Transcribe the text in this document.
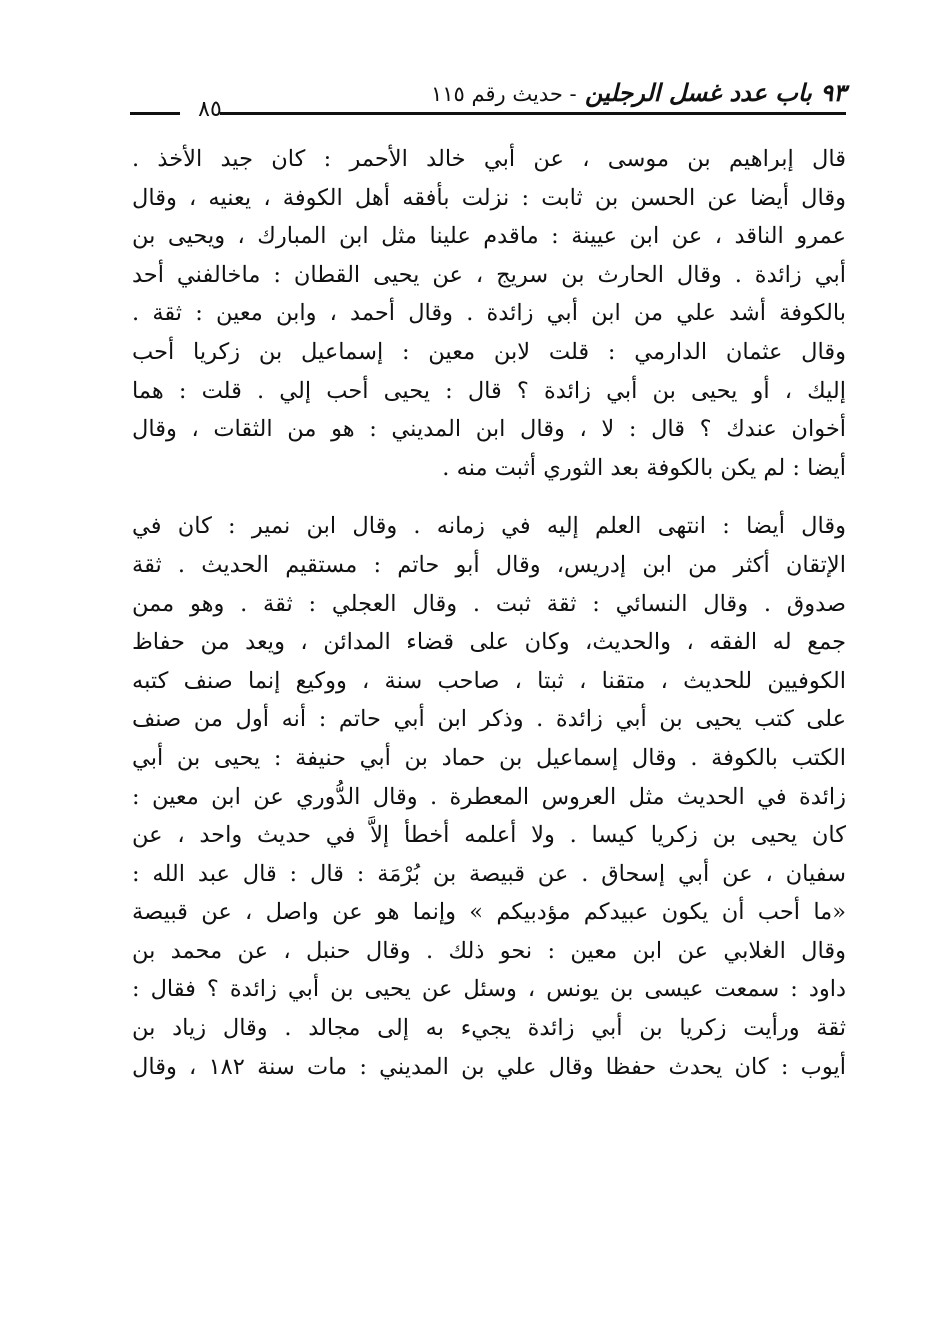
٩٣ باب عدد غسل الرجلين - حديث رقم ١١٥
٨٥
قال إبراهيم بن موسى ، عن أبي خالد الأحمر : كان جيد الأخذ .
وقال أيضا عن الحسن بن ثابت : نزلت بأفقه أهل الكوفة ، يعنيه ، وقال
عمرو الناقد ، عن ابن عيينة : ماقدم علينا مثل ابن المبارك ، ويحيى بن
أبي زائدة . وقال الحارث بن سريج ، عن يحيى القطان : ماخالفني أحد
بالكوفة أشد علي من ابن أبي زائدة . وقال أحمد ، وابن معين : ثقة .
وقال عثمان الدارمي : قلت لابن معين : إسماعيل بن زكريا أحب
إليك ، أو يحيى بن أبي زائدة ؟ قال : يحيى أحب إلي . قلت : هما
أخوان عندك ؟ قال : لا ، وقال ابن المديني : هو من الثقات ، وقال
أيضا : لم يكن بالكوفة بعد الثوري أثبت منه .
وقال أيضا : انتهى العلم إليه في زمانه . وقال ابن نمير : كان في
الإتقان أكثر من ابن إدريس، وقال أبو حاتم : مستقيم الحديث . ثقة
صدوق . وقال النسائي : ثقة ثبت . وقال العجلي : ثقة . وهو ممن
جمع له الفقه ، والحديث، وكان على قضاء المدائن ، ويعد من حفاظ
الكوفيين للحديث ، متقنا ، ثبتا ، صاحب سنة ، ووكيع إنما صنف كتبه
على كتب يحيى بن أبي زائدة . وذكر ابن أبي حاتم : أنه أول من صنف
الكتب بالكوفة . وقال إسماعيل بن حماد بن أبي حنيفة : يحيى بن أبي
زائدة في الحديث مثل العروس المعطرة . وقال الدُّوري عن ابن معين :
كان يحيى بن زكريا كيسا . ولا أعلمه أخطأ إلاَّ في حديث واحد ، عن
سفيان ، عن أبي إسحاق . عن قبيصة بن بُرْمَة : قال : قال عبد الله :
«ما أحب أن يكون عبيدكم مؤدبيكم » وإنما هو عن واصل ، عن قبيصة
وقال الغلابي عن ابن معين : نحو ذلك . وقال حنبل ، عن محمد بن
داود : سمعت عيسى بن يونس ، وسئل عن يحيى بن أبي زائدة ؟ فقال :
ثقة ورأيت زكريا بن أبي زائدة يجيء به إلى مجالد . وقال زياد بن
أيوب : كان يحدث حفظا وقال علي بن المديني : مات سنة ١٨٢ ، وقال
